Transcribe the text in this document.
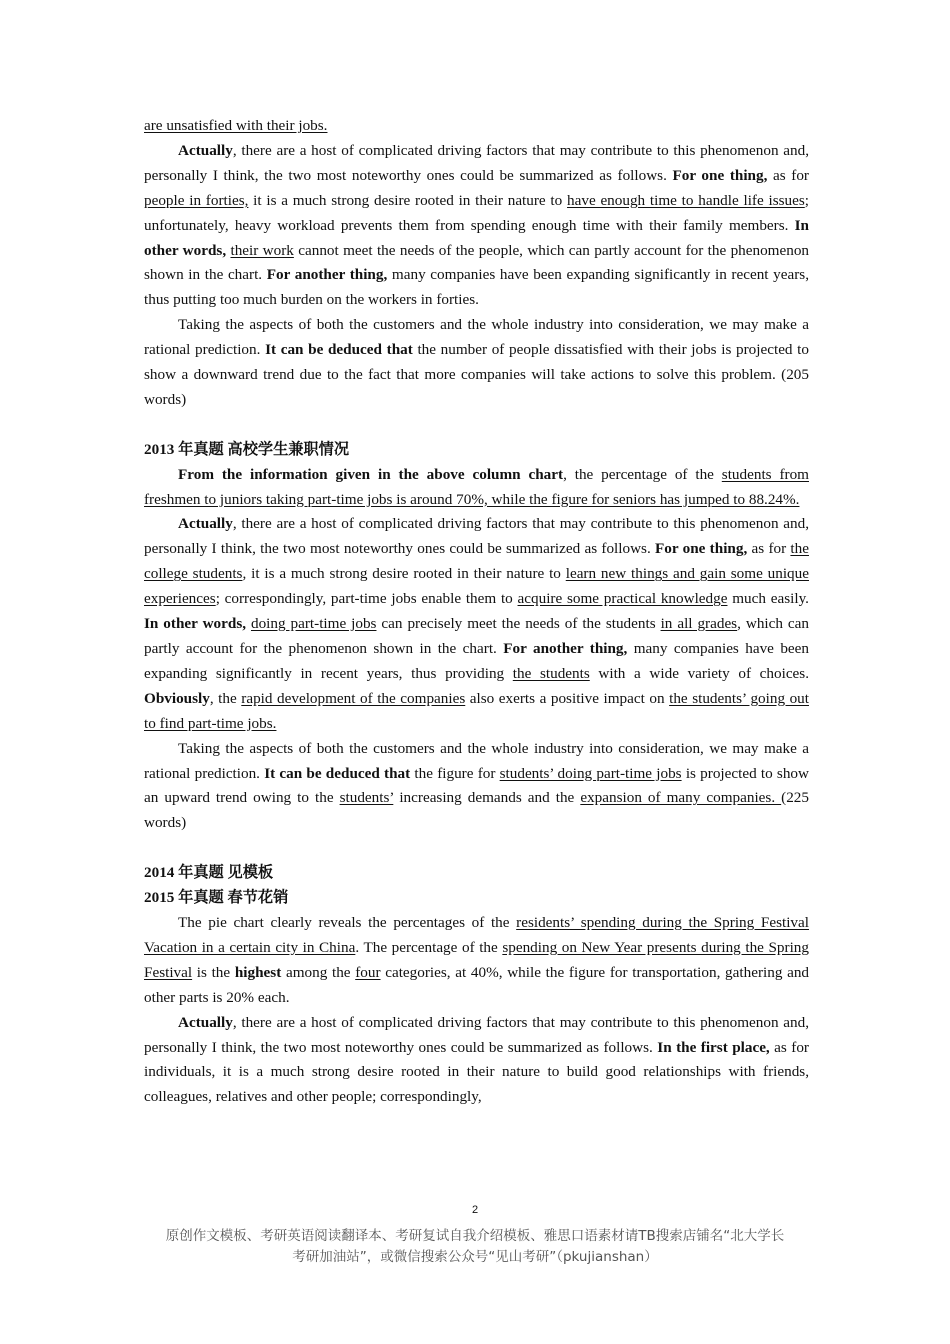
are unsatisfied with their jobs.

Actually, there are a host of complicated driving factors that may contribute to this phenomenon and, personally I think, the two most noteworthy ones could be summarized as follows. For one thing, as for people in forties, it is a much strong desire rooted in their nature to have enough time to handle life issues; unfortunately, heavy workload prevents them from spending enough time with their family members. In other words, their work cannot meet the needs of the people, which can partly account for the phenomenon shown in the chart. For another thing, many companies have been expanding significantly in recent years, thus putting too much burden on the workers in forties.

Taking the aspects of both the customers and the whole industry into consideration, we may make a rational prediction. It can be deduced that the number of people dissatisfied with their jobs is projected to show a downward trend due to the fact that more companies will take actions to solve this problem. (205 words)

2013 年真题 高校学生兼职情况

From the information given in the above column chart, the percentage of the students from freshmen to juniors taking part-time jobs is around 70%, while the figure for seniors has jumped to 88.24%.

Actually, there are a host of complicated driving factors that may contribute to this phenomenon and, personally I think, the two most noteworthy ones could be summarized as follows. For one thing, as for the college students, it is a much strong desire rooted in their nature to learn new things and gain some unique experiences; correspondingly, part-time jobs enable them to acquire some practical knowledge much easily. In other words, doing part-time jobs can precisely meet the needs of the students in all grades, which can partly account for the phenomenon shown in the chart. For another thing, many companies have been expanding significantly in recent years, thus providing the students with a wide variety of choices. Obviously, the rapid development of the companies also exerts a positive impact on the students’ going out to find part-time jobs.

Taking the aspects of both the customers and the whole industry into consideration, we may make a rational prediction. It can be deduced that the figure for students’ doing part-time jobs is projected to show an upward trend owing to the students’ increasing demands and the expansion of many companies. (225 words)

2014 年真题 见模板
2015 年真题 春节花销

The pie chart clearly reveals the percentages of the residents’ spending during the Spring Festival Vacation in a certain city in China. The percentage of the spending on New Year presents during the Spring Festival is the highest among the four categories, at 40%, while the figure for transportation, gathering and other parts is 20% each.

Actually, there are a host of complicated driving factors that may contribute to this phenomenon and, personally I think, the two most noteworthy ones could be summarized as follows. In the first place, as for individuals, it is a much strong desire rooted in their nature to build good relationships with friends, colleagues, relatives and other people; correspondingly,

2
原创作文模板、考研英语阅读翻译本、考研复试自我介绍模板、雅思口语素材请TB搜索店铺名“北大学长
考研加油站”，或微信搜索公众号“见山考研”（pkujianshan）
